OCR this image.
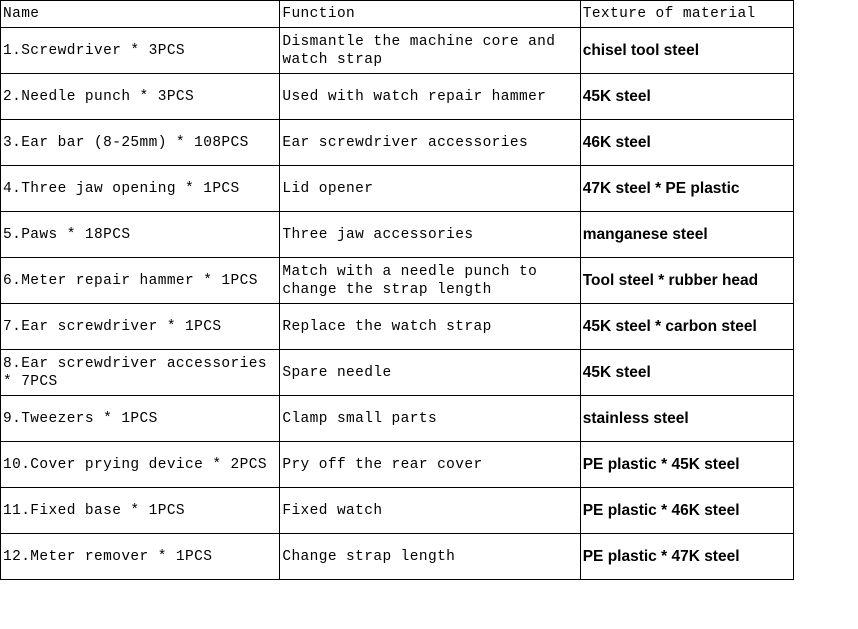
Name	Function	Texture of material
1.Screwdriver * 3PCS	Dismantle the machine core and watch strap	chisel tool steel
2.Needle punch * 3PCS	Used with watch repair hammer	45K steel
3.Ear bar (8-25mm) * 108PCS	Ear screwdriver accessories	46K steel
4.Three jaw opening * 1PCS	Lid opener	47K steel * PE plastic
5.Paws * 18PCS	Three jaw accessories	manganese steel
6.Meter repair hammer * 1PCS	Match with a needle punch to change the strap length	Tool steel * rubber head
7.Ear screwdriver * 1PCS	Replace the watch strap	45K steel * carbon steel
8.Ear screwdriver accessories * 7PCS	Spare needle	45K steel
9.Tweezers * 1PCS	Clamp small parts	stainless steel
10.Cover prying device * 2PCS	Pry off the rear cover	PE plastic * 45K steel
11.Fixed base * 1PCS	Fixed watch	PE plastic * 46K steel
12.Meter remover * 1PCS	Change strap length	PE plastic * 47K steel
